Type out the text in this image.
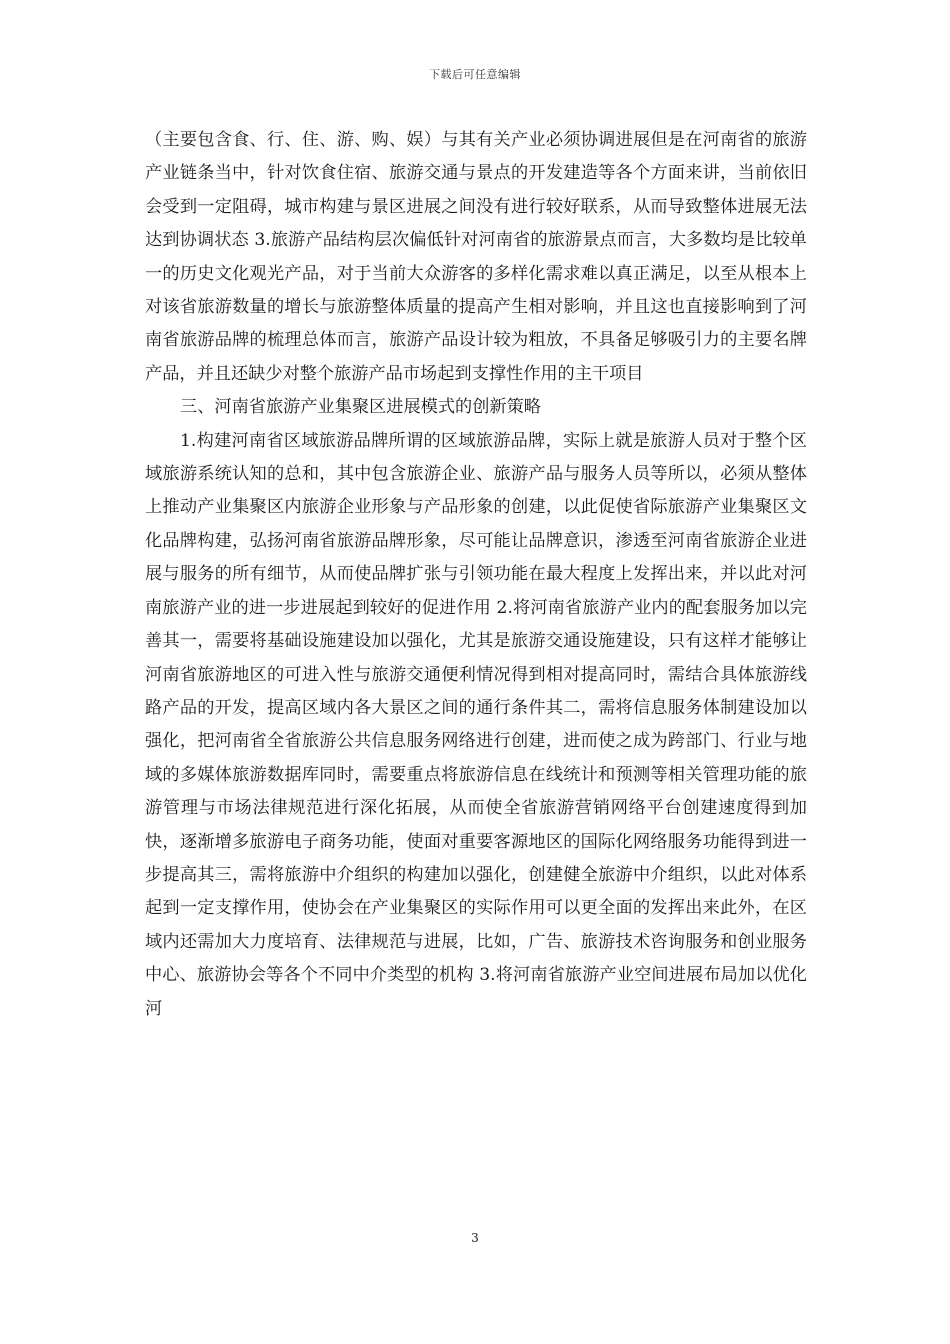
下载后可任意编辑

（主要包含食、行、住、游、购、娱）与其有关产业必须协调进展但是在河南省的旅游产业链条当中，针对饮食住宿、旅游交通与景点的开发建造等各个方面来讲，当前依旧会受到一定阻碍，城市构建与景区进展之间没有进行较好联系，从而导致整体进展无法达到协调状态 3.旅游产品结构层次偏低针对河南省的旅游景点而言，大多数均是比较单一的历史文化观光产品，对于当前大众游客的多样化需求难以真正满足，以至从根本上对该省旅游数量的增长与旅游整体质量的提高产生相对影响，并且这也直接影响到了河南省旅游品牌的梳理总体而言，旅游产品设计较为粗放，不具备足够吸引力的主要名牌产品，并且还缺少对整个旅游产品市场起到支撑性作用的主干项目

三、河南省旅游产业集聚区进展模式的创新策略

1.构建河南省区域旅游品牌所谓的区域旅游品牌，实际上就是旅游人员对于整个区域旅游系统认知的总和，其中包含旅游企业、旅游产品与服务人员等所以，必须从整体上推动产业集聚区内旅游企业形象与产品形象的创建，以此促使省际旅游产业集聚区文化品牌构建，弘扬河南省旅游品牌形象，尽可能让品牌意识，渗透至河南省旅游企业进展与服务的所有细节，从而使品牌扩张与引领功能在最大程度上发挥出来，并以此对河南旅游产业的进一步进展起到较好的促进作用 2.将河南省旅游产业内的配套服务加以完善其一，需要将基础设施建设加以强化，尤其是旅游交通设施建设，只有这样才能够让河南省旅游地区的可进入性与旅游交通便利情况得到相对提高同时，需结合具体旅游线路产品的开发，提高区域内各大景区之间的通行条件其二，需将信息服务体制建设加以强化，把河南省全省旅游公共信息服务网络进行创建，进而使之成为跨部门、行业与地域的多媒体旅游数据库同时，需要重点将旅游信息在线统计和预测等相关管理功能的旅游管理与市场法律规范进行深化拓展，从而使全省旅游营销网络平台创建速度得到加快，逐渐增多旅游电子商务功能，使面对重要客源地区的国际化网络服务功能得到进一步提高其三，需将旅游中介组织的构建加以强化，创建健全旅游中介组织，以此对体系起到一定支撑作用，使协会在产业集聚区的实际作用可以更全面的发挥出来此外，在区域内还需加大力度培育、法律规范与进展，比如，广告、旅游技术咨询服务和创业服务中心、旅游协会等各个不同中介类型的机构 3.将河南省旅游产业空间进展布局加以优化河

3
